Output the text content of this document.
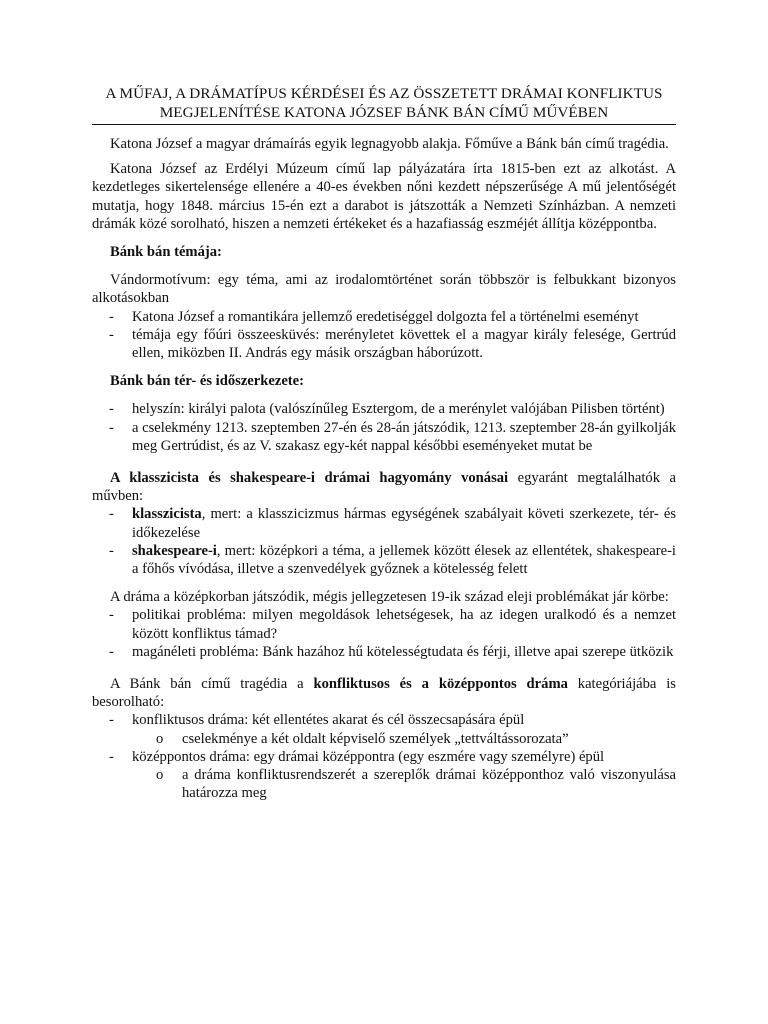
A MŰFAJ, A DRÁMATÍPUS KÉRDÉSEI ÉS AZ ÖSSZETETT DRÁMAI KONFLIKTUS

MEGJELENÍTÉSE KATONA JÓZSEF BÁNK BÁN CÍMŰ MŰVÉBEN

Katona József a magyar drámaírás egyik legnagyobb alakja. Főműve a Bánk bán című tragédia.

Katona József az Erdélyi Múzeum című lap pályázatára írta 1815-ben ezt az alkotást. A kezdetleges sikertelensége ellenére a 40-es években nőni kezdett népszerűsége A mű jelentőségét mutatja, hogy 1848. március 15-én ezt a darabot is játszották a Nemzeti Színházban. A nemzeti drámák közé sorolható, hiszen a nemzeti értékeket és a hazafiasság eszméjét állítja középpontba.

Bánk bán témája:

Vándormotívum: egy téma, ami az irodalomtörténet során többször is felbukkant bizonyos alkotásokban

- Katona József a romantikára jellemző eredetiséggel dolgozta fel a történelmi eseményt
- témája egy főúri összeesküvés: merényletet követtek el a magyar király felesége, Gertrúd ellen, miközben II. András egy másik országban háborúzott.

Bánk bán tér- és időszerkezete:

- helyszín: királyi palota (valószínűleg Esztergom, de a merénylet valójában Pilisben történt)
- a cselekmény 1213. szeptemben 27-én és 28-án játszódik, 1213. szeptember 28-án gyilkolják meg Gertrúdist, és az V. szakasz egy-két nappal későbbi eseményeket mutat be

A klasszicista és shakespeare-i drámai hagyomány vonásai egyaránt megtalálhatók a művben:

- klasszicista, mert: a klasszicizmus hármas egységének szabályait követi szerkezete, tér- és időkezelése
- shakespeare-i, mert: középkori a téma, a jellemek között élesek az ellentétek, shakespeare-i a főhős vívódása, illetve a szenvedélyek győznek a kötelesség felett

A dráma a középkorban játszódik, mégis jellegzetesen 19-ik század eleji problémákat jár körbe:

- politikai probléma: milyen megoldások lehetségesek, ha az idegen uralkodó és a nemzet között konfliktus támad?
- magánéleti probléma: Bánk hazához hű kötelességtudata és férji, illetve apai szerepe ütközik

A Bánk bán című tragédia a konfliktusos és a középpontos dráma kategóriájába is besorolható:

- konfliktusos dráma: két ellentétes akarat és cél összecsapására épül
o cselekménye a két oldalt képviselő személyek „tettváltássorozata”
- középpontos dráma: egy drámai középpontra (egy eszmére vagy személyre) épül
o a dráma konfliktusrendszerét a szereplők drámai középponthoz való viszonyulása határozza meg
